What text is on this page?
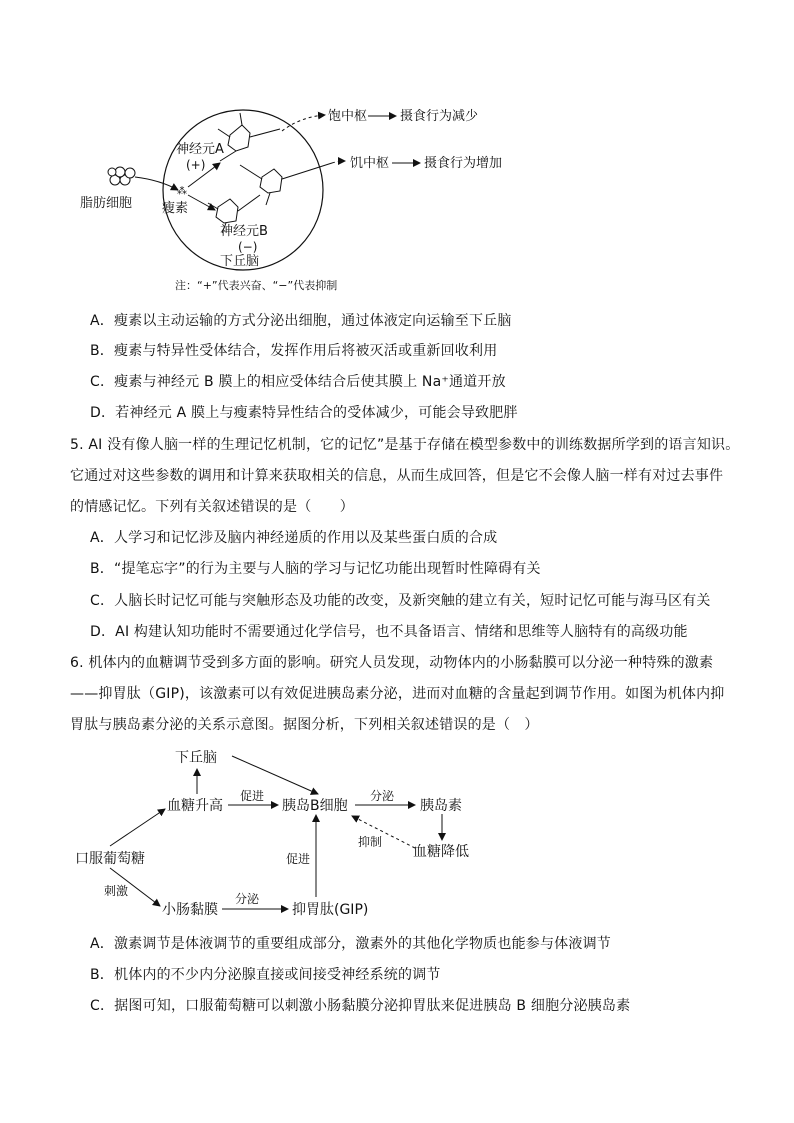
脂肪细胞
⁂
瘦素
神经元A
(+)
神经元B
(−)
饱中枢	摄食行为减少
饥中枢	摄食行为增加
下丘脑
注：“+”代表兴奋、“−”代表抑制
A．瘦素以主动运输的方式分泌出细胞，通过体液定向运输至下丘脑
B．瘦素与特异性受体结合，发挥作用后将被灭活或重新回收利用
C．瘦素与神经元 B 膜上的相应受体结合后使其膜上 Na⁺通道开放
D．若神经元 A 膜上与瘦素特异性结合的受体减少，可能会导致肥胖
5. AI 没有像人脑一样的生理记忆机制，它的记忆”是基于存储在模型参数中的训练数据所学到的语言知识。
它通过对这些参数的调用和计算来获取相关的信息，从而生成回答，但是它不会像人脑一样有对过去事件
的情感记忆。下列有关叙述错误的是（　　）
A．人学习和记忆涉及脑内神经递质的作用以及某些蛋白质的合成
B．“提笔忘字”的行为主要与人脑的学习与记忆功能出现暂时性障碍有关
C．人脑长时记忆可能与突触形态及功能的改变，及新突触的建立有关，短时记忆可能与海马区有关
D．AI 构建认知功能时不需要通过化学信号，也不具备语言、情绪和思维等人脑特有的高级功能
6. 机体内的血糖调节受到多方面的影响。研究人员发现，动物体内的小肠黏膜可以分泌一种特殊的激素
——抑胃肽（GIP)，该激素可以有效促进胰岛素分泌，进而对血糖的含量起到调节作用。如图为机体内抑
胃肽与胰岛素分泌的关系示意图。据图分析，下列相关叙述错误的是（　）
下丘脑
血糖升高	胰岛B细胞	胰岛素
口服葡萄糖	血糖降低
小肠黏膜	抑胃肽(GIP)
促进	分泌
抑制
刺激
分泌
促进
A．激素调节是体液调节的重要组成部分，激素外的其他化学物质也能参与体液调节
B．机体内的不少内分泌腺直接或间接受神经系统的调节
C．据图可知，口服葡萄糖可以刺激小肠黏膜分泌抑胃肽来促进胰岛 B 细胞分泌胰岛素
